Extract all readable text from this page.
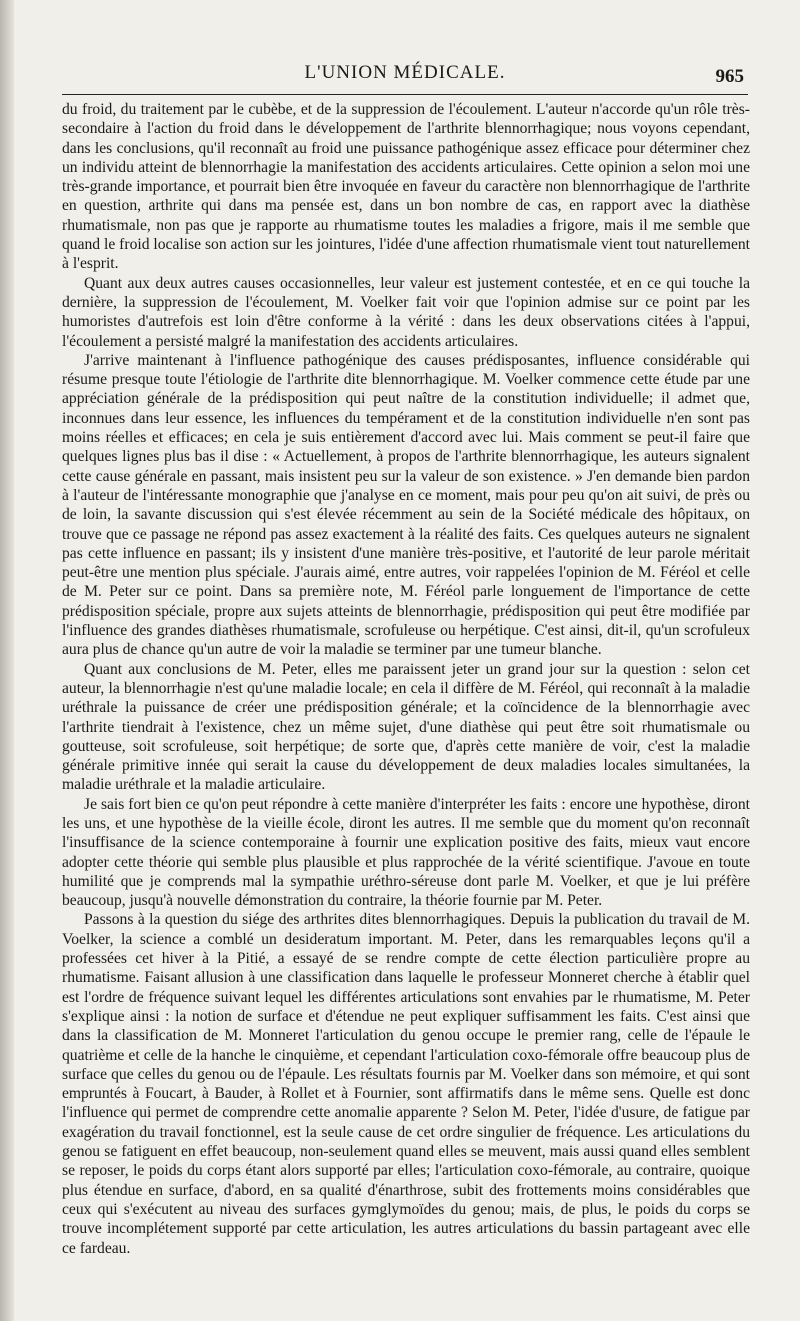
L'UNION MÉDICALE.	965

du froid, du traitement par le cubèbe, et de la suppression de l'écoulement. L'auteur n'accorde qu'un rôle très-secondaire à l'action du froid dans le développement de l'arthrite blennorrhagique; nous voyons cependant, dans les conclusions, qu'il reconnaît au froid une puissance pathogénique assez efficace pour déterminer chez un individu atteint de blennorrhagie la manifestation des accidents articulaires. Cette opinion a selon moi une très-grande importance, et pourrait bien être invoquée en faveur du caractère non blennorrhagique de l'arthrite en question, arthrite qui dans ma pensée est, dans un bon nombre de cas, en rapport avec la diathèse rhumatismale, non pas que je rapporte au rhumatisme toutes les maladies a frigore, mais il me semble que quand le froid localise son action sur les jointures, l'idée d'une affection rhumatismale vient tout naturellement à l'esprit.

Quant aux deux autres causes occasionnelles, leur valeur est justement contestée, et en ce qui touche la dernière, la suppression de l'écoulement, M. Voelker fait voir que l'opinion admise sur ce point par les humoristes d'autrefois est loin d'être conforme à la vérité : dans les deux observations citées à l'appui, l'écoulement a persisté malgré la manifestation des accidents articulaires.

J'arrive maintenant à l'influence pathogénique des causes prédisposantes, influence considérable qui résume presque toute l'étiologie de l'arthrite dite blennorrhagique. M. Voelker commence cette étude par une appréciation générale de la prédisposition qui peut naître de la constitution individuelle; il admet que, inconnues dans leur essence, les influences du tempérament et de la constitution individuelle n'en sont pas moins réelles et efficaces; en cela je suis entièrement d'accord avec lui. Mais comment se peut-il faire que quelques lignes plus bas il dise : « Actuellement, à propos de l'arthrite blennorrhagique, les auteurs signalent cette cause générale en passant, mais insistent peu sur la valeur de son existence. » J'en demande bien pardon à l'auteur de l'intéressante monographie que j'analyse en ce moment, mais pour peu qu'on ait suivi, de près ou de loin, la savante discussion qui s'est élevée récemment au sein de la Société médicale des hôpitaux, on trouve que ce passage ne répond pas assez exactement à la réalité des faits. Ces quelques auteurs ne signalent pas cette influence en passant; ils y insistent d'une manière très-positive, et l'autorité de leur parole méritait peut-être une mention plus spéciale. J'aurais aimé, entre autres, voir rappelées l'opinion de M. Féréol et celle de M. Peter sur ce point. Dans sa première note, M. Féréol parle longuement de l'importance de cette prédisposition spéciale, propre aux sujets atteints de blennorrhagie, prédisposition qui peut être modifiée par l'influence des grandes diathèses rhumatismale, scrofuleuse ou herpétique. C'est ainsi, dit-il, qu'un scrofuleux aura plus de chance qu'un autre de voir la maladie se terminer par une tumeur blanche.

Quant aux conclusions de M. Peter, elles me paraissent jeter un grand jour sur la question : selon cet auteur, la blennorrhagie n'est qu'une maladie locale; en cela il diffère de M. Féréol, qui reconnaît à la maladie uréthrale la puissance de créer une prédisposition générale; et la coïncidence de la blennorrhagie avec l'arthrite tiendrait à l'existence, chez un même sujet, d'une diathèse qui peut être soit rhumatismale ou goutteuse, soit scrofuleuse, soit herpétique; de sorte que, d'après cette manière de voir, c'est la maladie générale primitive innée qui serait la cause du développement de deux maladies locales simultanées, la maladie uréthrale et la maladie articulaire.

Je sais fort bien ce qu'on peut répondre à cette manière d'interpréter les faits : encore une hypothèse, diront les uns, et une hypothèse de la vieille école, diront les autres. Il me semble que du moment qu'on reconnaît l'insuffisance de la science contemporaine à fournir une explication positive des faits, mieux vaut encore adopter cette théorie qui semble plus plausible et plus rapprochée de la vérité scientifique. J'avoue en toute humilité que je comprends mal la sympathie uréthro-séreuse dont parle M. Voelker, et que je lui préfère beaucoup, jusqu'à nouvelle démonstration du contraire, la théorie fournie par M. Peter.

Passons à la question du siége des arthrites dites blennorrhagiques. Depuis la publication du travail de M. Voelker, la science a comblé un desideratum important. M. Peter, dans les remarquables leçons qu'il a professées cet hiver à la Pitié, a essayé de se rendre compte de cette élection particulière propre au rhumatisme. Faisant allusion à une classification dans laquelle le professeur Monneret cherche à établir quel est l'ordre de fréquence suivant lequel les différentes articulations sont envahies par le rhumatisme, M. Peter s'explique ainsi : la notion de surface et d'étendue ne peut expliquer suffisamment les faits. C'est ainsi que dans la classification de M. Monneret l'articulation du genou occupe le premier rang, celle de l'épaule le quatrième et celle de la hanche le cinquième, et cependant l'articulation coxo-fémorale offre beaucoup plus de surface que celles du genou ou de l'épaule. Les résultats fournis par M. Voelker dans son mémoire, et qui sont empruntés à Foucart, à Bauder, à Rollet et à Fournier, sont affirmatifs dans le même sens. Quelle est donc l'influence qui permet de comprendre cette anomalie apparente ? Selon M. Peter, l'idée d'usure, de fatigue par exagération du travail fonctionnel, est la seule cause de cet ordre singulier de fréquence. Les articulations du genou se fatiguent en effet beaucoup, non-seulement quand elles se meuvent, mais aussi quand elles semblent se reposer, le poids du corps étant alors supporté par elles; l'articulation coxo-fémorale, au contraire, quoique plus étendue en surface, d'abord, en sa qualité d'énarthrose, subit des frottements moins considérables que ceux qui s'exécutent au niveau des surfaces gymglymoïdes du genou; mais, de plus, le poids du corps se trouve incomplétement supporté par cette articulation, les autres articulations du bassin partageant avec elle ce fardeau.
